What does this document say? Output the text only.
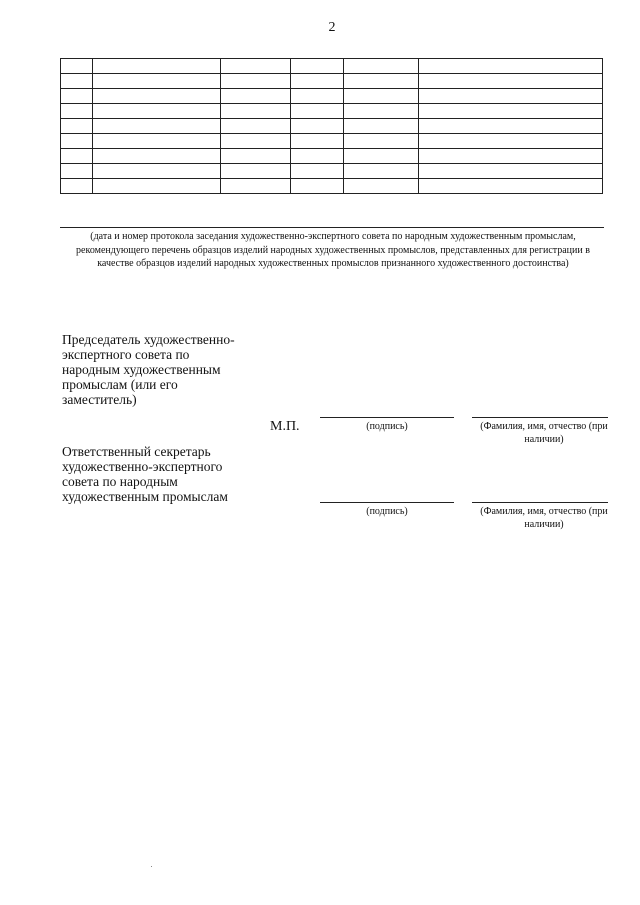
2

(дата и номер протокола заседания художественно-экспертного совета по народным художественным промыслам, рекомендующего перечень образцов изделий народных художественных промыслов, представленных для регистрации в качестве образцов изделий народных художественных промыслов признанного художественного достоинства)
Председатель художественно-экспертного совета по народным художественным промыслам (или его заместитель)
М.П.	(подпись)	(Фамилия, имя, отчество (при наличии)
Ответственный секретарь художественно-экспертного совета по народным художественным промыслам
(подпись)	(Фамилия, имя, отчество (при наличии)
